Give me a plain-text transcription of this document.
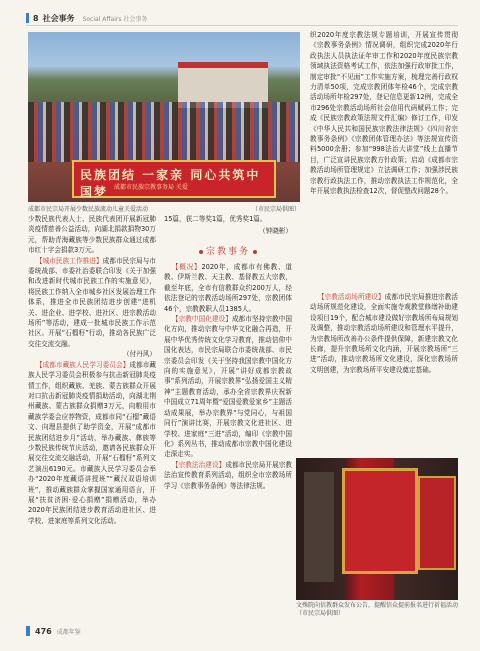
8 社会事务 Social Affairs 社会事务
民族团结 一家亲 同心共筑中国梦 成都市民族宗教事务局 关爱
成都市民宗局开展少数民族流动儿童关爱活动	（市民宗局供图）

织2020年度宗教法规专题培训，开展宣传贯彻《宗教事务条例》情况调研，组织完成2020年行政执法人员执法证年审工作和2020年度民族宗教领域执法资格考试工作，依法加强行政审批工作，制定审批“不见面”工作实施方案，梳理完善行政权力清单50项，完成宗教团体年检46个，完成宗教活动场所年检297处，登记信息更新12例，完成全市296处宗教活动场所社会信用代码赋码工作；完成《民族宗教政策法规文件汇编》修订工作，印发《中华人民共和国民族宗教法律法规》《四川省宗教事务条例》《宗教团体管理办法》等法规宣传资料5000余册；参加“998法治大讲堂”线上直播节目，广泛宣讲民族宗教方针政策；启动《成都市宗教活动场所管理规定》立法调研工作；加强涉民族宗教行政执法工作，推动宗教执法工作规范化，全年开展宗教执法检查12次，督促整改问题28个。

【宗教活动场所建设】成都市民宗局推进宗教活动场所规范化建设，全面实施寺观教堂修缮补助建设项目19个，配合城市建设做好宗教场所布局规划及调整，推动宗教活动场所建设和管理水平提升，为宗教场所改善办公条件提供保障，新建宗教文化长廊，提升宗教场所文化内涵，开展宗教场所“三进”活动，推动宗教场所文化建设，深化宗教场所文明创建，为宗教场所平安建设奠定基础。

少数民族代表人士、民族代表团开展新冠肺炎疫情慈善公益活动，向湖北捐款捐物30万元，帮助青海藏族等少数民族群众通过成都市红十字会捐款3万元。

【城市民族工作推进】成都市民宗局与市委统战部、市委社治委联合印发《关于加强和改进新时代城市民族工作的实施意见》，将民族工作纳入全市城乡社区发展治理工作体系，推进全市民族团结进步创建“进机关、进企业、进学校、进社区、进宗教活动场所”等活动，建成一批城市民族工作示范社区。开展“石榴籽”行动，推动各民族广泛交往交流交融。

（付丹风）

【成都市藏族人民学习委员会】成都市藏族人民学习委员会积极参与抗击新冠肺炎疫情工作，组织藏族、羌族、蒙古族群众开展对口抗击新冠肺炎疫情捐助活动，向湖北荆州藏族、蒙古族群众捐赠3万元，向粮用市藏族学委会应荐物资，成都市同“石榴”藏语文、向理县提供了助学资金，开展“成都市民族团结进步月”活动，举办藏族、彝族等少数民族传统节庆活动，邀请各民族群众开展交往交流交融活动，开展“石榴籽”系列文艺演出6190元。市藏族人民学习委员会举办“2020年度藏语讲授班”“藏汉双语培训班”，推动藏族群众掌握国家通用语言，开展“扶贫济困·爱心捐赠”捐赠活动，举办2020年民族团结进步教育活动进社区、进学校、进家庭等系列文化活动。

15篇，获二等奖1篇，优秀奖1篇。

（钟晓彬）

宗教事务

【概况】2020年，成都市有佛教、道教、伊斯兰教、天主教、基督教五大宗教，截至年底，全市有信教群众约200万人，经依法登记的宗教活动场所297处，宗教团体46个，宗教教职人员1385人。

【宗教中国化建设】成都市坚持宗教中国化方向，推动宗教与中华文化融合再造，开展中华优秀传统文化学习教育，推动信仰中国化表达，市民宗局联合市委统战部、市民宗委员会印发《关于坚持我国宗教中国化方向的实施意见》，开展“讲好成都宗教故事”系列活动，开展宗教界“弘扬爱国主义精神”主题教育活动，承办全省宗教界庆祝新中国成立71周年暨“爱国爱教爱家乡”主题活动成果展，举办宗教界“与党同心，与祖国同行”演讲比赛，开展宗教文化进社区、进学校、进家庭“三进”活动，编印《宗教中国化》系列丛书，推动成都市宗教中国化建设走深走实。

【宗教法治建设】成都市民宗局开展宗教法治宣传教育系列活动，组织全市宗教场所学习《宗教事务条例》等法律法规。

文殊院向信教群众发布公告，提醒信众提前报名进行祈福活动 （市民宗局供图）
476 成都年鉴
